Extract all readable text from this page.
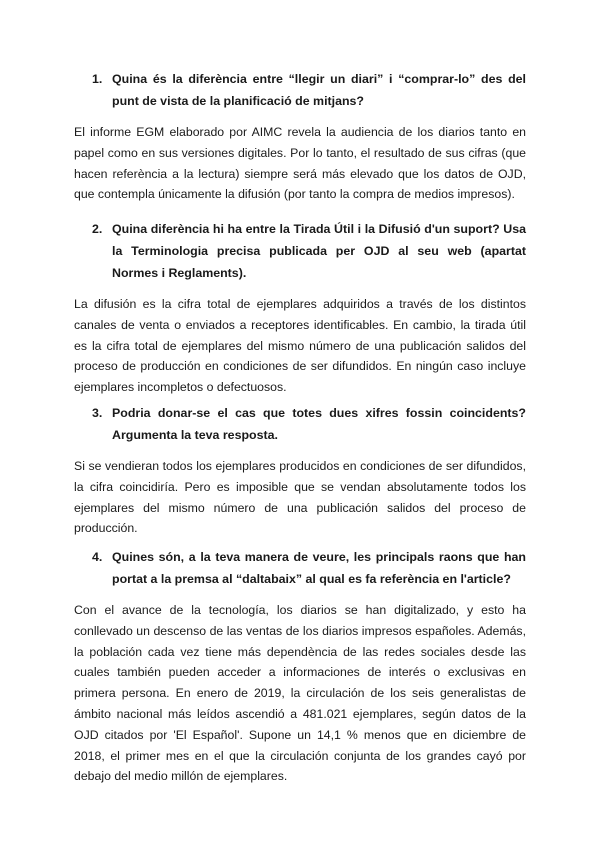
1. Quina és la diferència entre “llegir un diari” i “comprar-lo” des del punt de vista de la planificació de mitjans?

El informe EGM elaborado por AIMC revela la audiencia de los diarios tanto en papel como en sus versiones digitales. Por lo tanto, el resultado de sus cifras (que hacen referència a la lectura) siempre será más elevado que los datos de OJD, que contempla únicamente la difusión (por tanto la compra de medios impresos).

2. Quina diferència hi ha entre la Tirada Útil i la Difusió d'un suport? Usa la Terminologia precisa publicada per OJD al seu web (apartat Normes i Reglaments).

La difusión es la cifra total de ejemplares adquiridos a través de los distintos canales de venta o enviados a receptores identificables. En cambio, la tirada útil es la cifra total de ejemplares del mismo número de una publicación salidos del proceso de producción en condiciones de ser difundidos. En ningún caso incluye ejemplares incompletos o defectuosos.

3. Podria donar-se el cas que totes dues xifres fossin coincidents? Argumenta la teva resposta.

Si se vendieran todos los ejemplares producidos en condiciones de ser difundidos, la cifra coincidiría. Pero es imposible que se vendan absolutamente todos los ejemplares del mismo número de una publicación salidos del proceso de producción.

4. Quines són, a la teva manera de veure, les principals raons que han portat a la premsa al “daltabaix” al qual es fa referència en l'article?

Con el avance de la tecnología, los diarios se han digitalizado, y esto ha conllevado un descenso de las ventas de los diarios impresos españoles. Además, la población cada vez tiene más dependència de las redes sociales desde las cuales también pueden acceder a informaciones de interés o exclusivas en primera persona. En enero de 2019, la circulación de los seis generalistas de ámbito nacional más leídos ascendió a 481.021 ejemplares, según datos de la OJD citados por 'El Español'. Supone un 14,1 % menos que en diciembre de 2018, el primer mes en el que la circulación conjunta de los grandes cayó por debajo del medio millón de ejemplares.
